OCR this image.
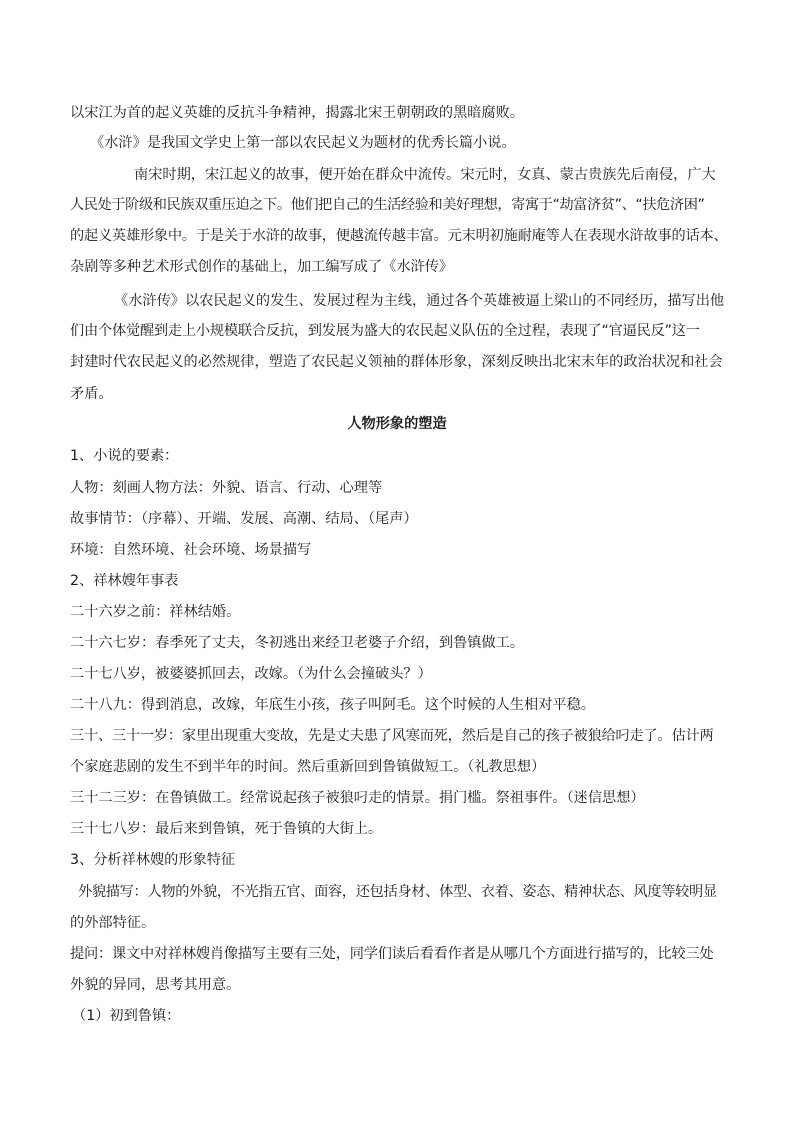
以宋江为首的起义英雄的反抗斗争精神，揭露北宋王朝朝政的黑暗腐败。

《水浒》是我国文学史上第一部以农民起义为题材的优秀长篇小说。

南宋时期，宋江起义的故事，便开始在群众中流传。宋元时，女真、蒙古贵族先后南侵，广大

人民处于阶级和民族双重压迫之下。他们把自己的生活经验和美好理想，寄寓于“劫富济贫”、“扶危济困”

的起义英雄形象中。于是关于水浒的故事，便越流传越丰富。元末明初施耐庵等人在表现水浒故事的话本、

杂剧等多种艺术形式创作的基础上，加工编写成了《水浒传》

《水浒传》以农民起义的发生、发展过程为主线，通过各个英雄被逼上梁山的不同经历，描写出他

们由个体觉醒到走上小规模联合反抗，到发展为盛大的农民起义队伍的全过程，表现了“官逼民反”这一

封建时代农民起义的必然规律，塑造了农民起义领袖的群体形象，深刻反映出北宋末年的政治状况和社会

矛盾。

人物形象的塑造

1、小说的要素：

人物：刻画人物方法：外貌、语言、行动、心理等

故事情节：（序幕）、开端、发展、高潮、结局、（尾声）

环境：自然环境、社会环境、场景描写

2、祥林嫂年事表

二十六岁之前：祥林结婚。

二十六七岁：春季死了丈夫，冬初逃出来经卫老婆子介绍，到鲁镇做工。

二十七八岁，被婆婆抓回去，改嫁。（为什么会撞破头？）

二十八九：得到消息，改嫁，年底生小孩，孩子叫阿毛。这个时候的人生相对平稳。

三十、三十一岁：家里出现重大变故，先是丈夫患了风寒而死，然后是自己的孩子被狼给叼走了。估计两

个家庭悲剧的发生不到半年的时间。然后重新回到鲁镇做短工。（礼教思想）

三十二三岁：在鲁镇做工。经常说起孩子被狼叼走的情景。捐门槛。祭祖事件。（迷信思想）

三十七八岁：最后来到鲁镇，死于鲁镇的大街上。

3、分析祥林嫂的形象特征

外貌描写：人物的外貌，不光指五官、面容，还包括身材、体型、衣着、姿态、精神状态、风度等较明显

的外部特征。

提问：课文中对祥林嫂肖像描写主要有三处，同学们读后看看作者是从哪几个方面进行描写的，比较三处

外貌的异同，思考其用意。

（1）初到鲁镇：
